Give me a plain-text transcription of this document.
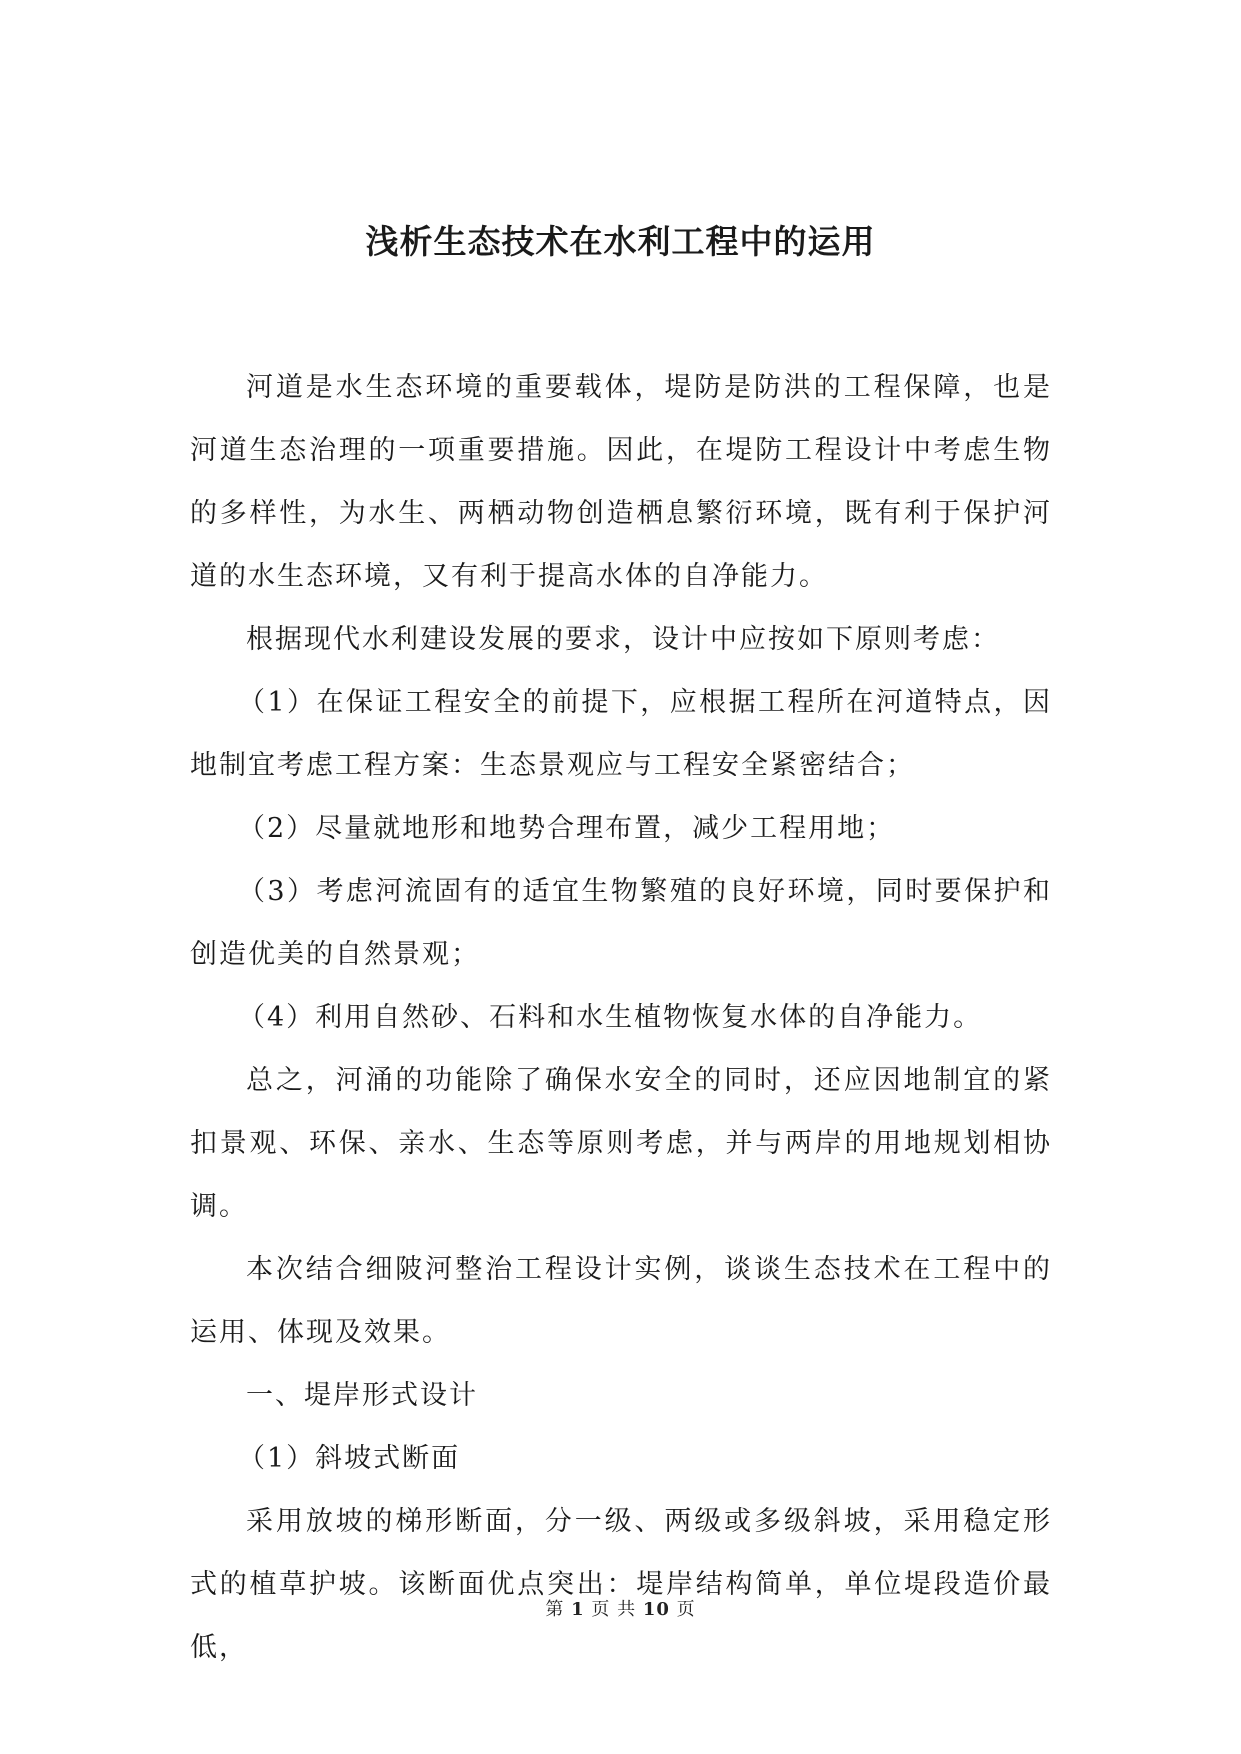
浅析生态技术在水利工程中的运用

河道是水生态环境的重要载体，堤防是防洪的工程保障，也是河道生态治理的一项重要措施。因此，在堤防工程设计中考虑生物的多样性，为水生、两栖动物创造栖息繁衍环境，既有利于保护河道的水生态环境，又有利于提高水体的自净能力。

根据现代水利建设发展的要求，设计中应按如下原则考虑：

（1）在保证工程安全的前提下，应根据工程所在河道特点，因地制宜考虑工程方案：生态景观应与工程安全紧密结合；

（2）尽量就地形和地势合理布置，减少工程用地；

（3）考虑河流固有的适宜生物繁殖的良好环境，同时要保护和创造优美的自然景观；

（4）利用自然砂、石料和水生植物恢复水体的自净能力。

总之，河涌的功能除了确保水安全的同时，还应因地制宜的紧扣景观、环保、亲水、生态等原则考虑，并与两岸的用地规划相协调。

本次结合细陂河整治工程设计实例，谈谈生态技术在工程中的运用、体现及效果。

一、堤岸形式设计

（1）斜坡式断面

采用放坡的梯形断面，分一级、两级或多级斜坡，采用稳定形式的植草护坡。该断面优点突出：堤岸结构简单，单位堤段造价最低，

第 1 页 共 10 页
